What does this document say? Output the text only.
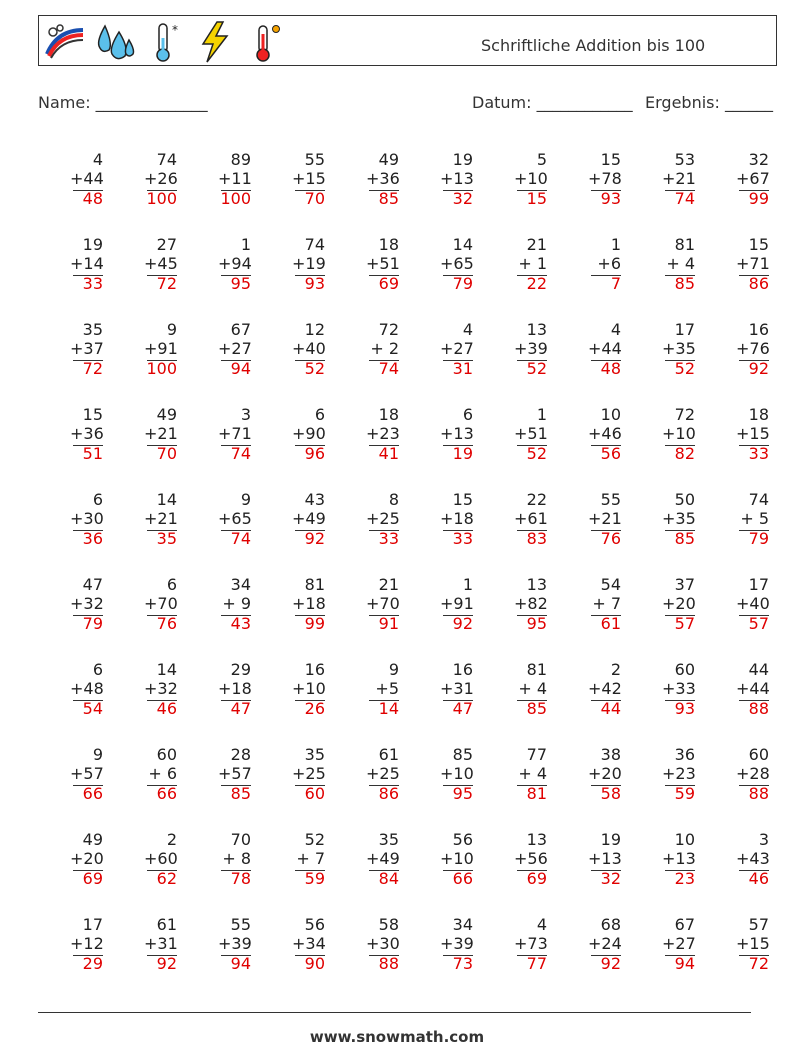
*
Schriftliche Addition bis 100
Name: ______________	Datum: ____________ Ergebnis: ______
4
+44
48
74
+26
100
89
+11
100
55
+15
70
49
+36
85
19
+13
32
5
+10
15
15
+78
93
53
+21
74
32
+67
99
19
+14
33
27
+45
72
1
+94
95
74
+19
93
18
+51
69
14
+65
79
21
+ 1
22
1
+6
7
81
+ 4
85
15
+71
86
35
+37
72
9
+91
100
67
+27
94
12
+40
52
72
+ 2
74
4
+27
31
13
+39
52
4
+44
48
17
+35
52
16
+76
92
15
+36
51
49
+21
70
3
+71
74
6
+90
96
18
+23
41
6
+13
19
1
+51
52
10
+46
56
72
+10
82
18
+15
33
6
+30
36
14
+21
35
9
+65
74
43
+49
92
8
+25
33
15
+18
33
22
+61
83
55
+21
76
50
+35
85
74
+ 5
79
47
+32
79
6
+70
76
34
+ 9
43
81
+18
99
21
+70
91
1
+91
92
13
+82
95
54
+ 7
61
37
+20
57
17
+40
57
6
+48
54
14
+32
46
29
+18
47
16
+10
26
9
+5
14
16
+31
47
81
+ 4
85
2
+42
44
60
+33
93
44
+44
88
9
+57
66
60
+ 6
66
28
+57
85
35
+25
60
61
+25
86
85
+10
95
77
+ 4
81
38
+20
58
36
+23
59
60
+28
88
49
+20
69
2
+60
62
70
+ 8
78
52
+ 7
59
35
+49
84
56
+10
66
13
+56
69
19
+13
32
10
+13
23
3
+43
46
17
+12
29
61
+31
92
55
+39
94
56
+34
90
58
+30
88
34
+39
73
4
+73
77
68
+24
92
67
+27
94
57
+15
72
www.snowmath.com
